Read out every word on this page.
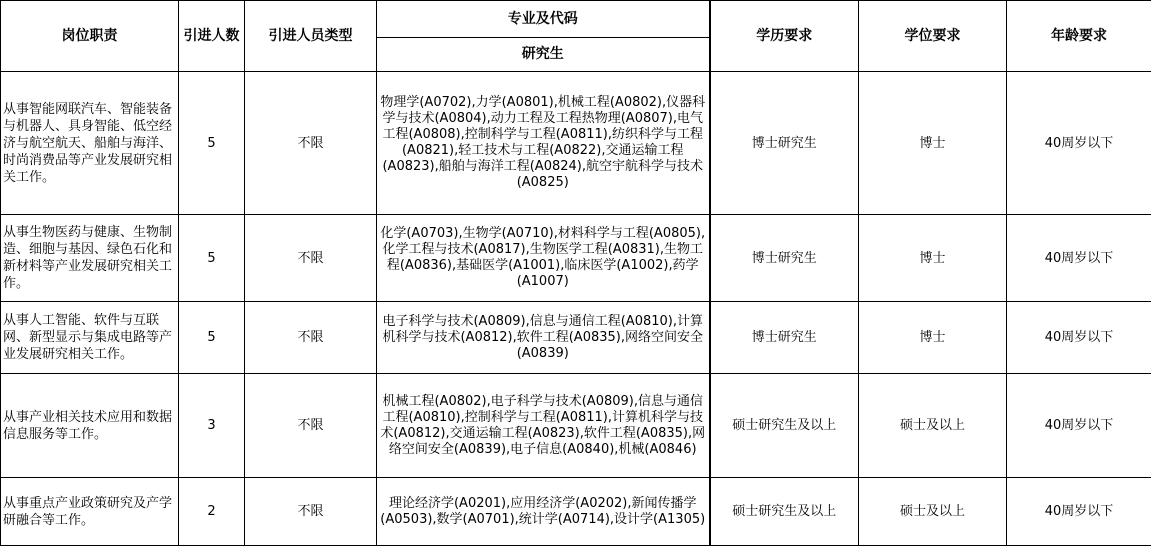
岗位职责	引进人数	引进人员类型	专业及代码	学历要求	学位要求	年龄要求
			研究生			
从事智能网联汽车、智能装备与机器人、具身智能、低空经济与航空航天、船舶与海洋、时尚消费品等产业发展研究相关工作。	5	不限	物理学(A0702),力学(A0801),机械工程(A0802),仪器科学与技术(A0804),动力工程及工程热物理(A0807),电气工程(A0808),控制科学与工程(A0811),纺织科学与工程(A0821),轻工技术与工程(A0822),交通运输工程(A0823),船舶与海洋工程(A0824),航空宇航科学与技术(A0825)	博士研究生	博士	40周岁以下
从事生物医药与健康、生物制造、细胞与基因、绿色石化和新材料等产业发展研究相关工作。	5	不限	化学(A0703),生物学(A0710),材料科学与工程(A0805),化学工程与技术(A0817),生物医学工程(A0831),生物工程(A0836),基础医学(A1001),临床医学(A1002),药学(A1007)	博士研究生	博士	40周岁以下
从事人工智能、软件与互联网、新型显示与集成电路等产业发展研究相关工作。	5	不限	电子科学与技术(A0809),信息与通信工程(A0810),计算机科学与技术(A0812),软件工程(A0835),网络空间安全(A0839)	博士研究生	博士	40周岁以下
从事产业相关技术应用和数据信息服务等工作。	3	不限	机械工程(A0802),电子科学与技术(A0809),信息与通信工程(A0810),控制科学与工程(A0811),计算机科学与技术(A0812),交通运输工程(A0823),软件工程(A0835),网络空间安全(A0839),电子信息(A0840),机械(A0846)	硕士研究生及以上	硕士及以上	40周岁以下
从事重点产业政策研究及产学研融合等工作。	2	不限	理论经济学(A0201),应用经济学(A0202),新闻传播学(A0503),数学(A0701),统计学(A0714),设计学(A1305)	硕士研究生及以上	硕士及以上	40周岁以下
